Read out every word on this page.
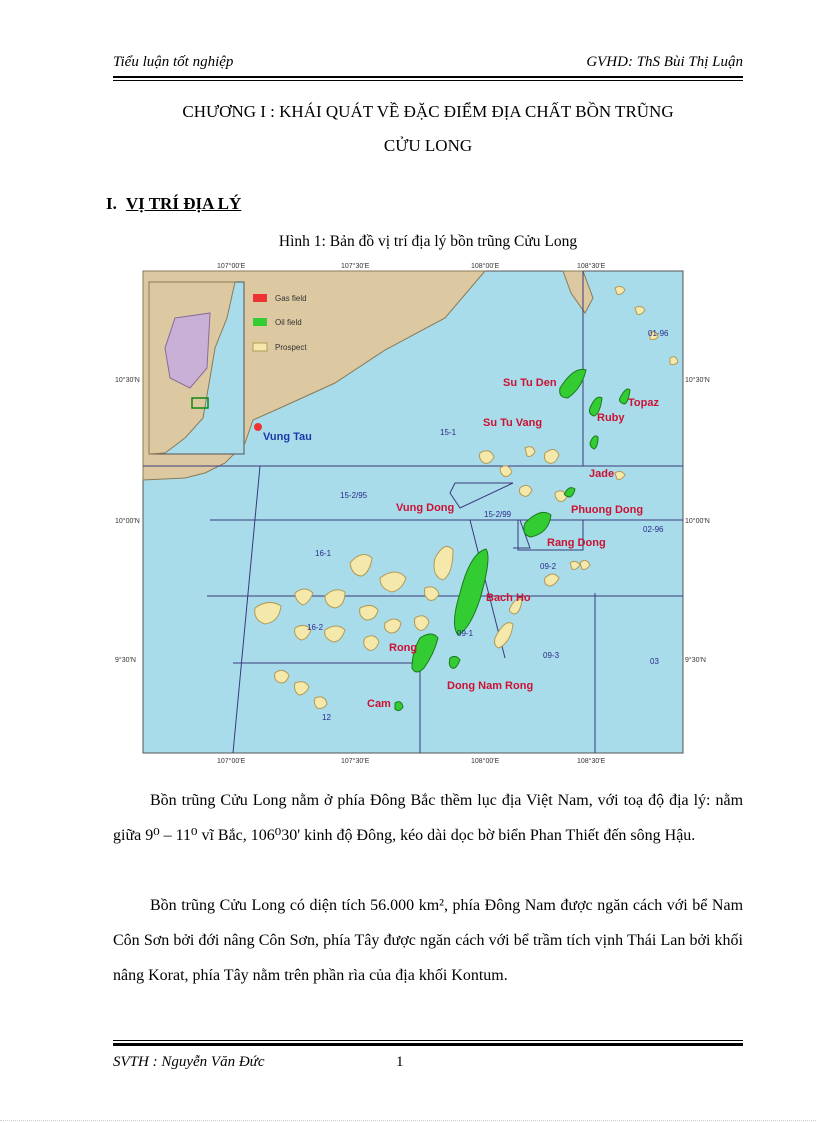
Tiểu luận tốt nghiệp	GVHD: ThS Bùi Thị Luận
CHƯƠNG I : KHÁI QUÁT VỀ ĐẶC ĐIỂM ĐỊA CHẤT BỒN TRŨNG
CỬU LONG
I. VỊ TRÍ ĐỊA LÝ
Hình 1: Bản đồ vị trí địa lý bồn trũng Cửu Long
Gas field
Oil field
Prospect
107°00'E	107°30'E	108°00'E	108°30'E
107°00'E	107°30'E	108°00'E	108°30'E
10°30'N
10°00'N
9°30'N
10°30'N
10°00'N
9°30'N
01-96
15-1
15-2/95
15-2/99
16-1
02-96
09-2
16-2
09-1
09-3
03
12
Su Tu Den
Topaz
Su Tu Vang	Ruby
Jade
Vung Dong	Phuong Dong
Rang Dong
Bach Ho
Rong
Dong Nam Rong
Cam
Vung Tau
Bồn trũng Cửu Long nằm ở phía Đông Bắc thềm lục địa Việt Nam, với toạ độ địa lý: nằm giữa 9⁰ – 11⁰ vĩ Bắc, 106⁰30' kinh độ Đông, kéo dài dọc bờ biển Phan Thiết đến sông Hậu.
Bồn trũng Cửu Long có diện tích 56.000 km², phía Đông Nam được ngăn cách với bể Nam Côn Sơn bởi đới nâng Côn Sơn, phía Tây được ngăn cách với bể trầm tích vịnh Thái Lan bởi khối nâng Korat, phía Tây nằm trên phần rìa của địa khối Kontum.
SVTH : Nguyễn Văn Đức	1
